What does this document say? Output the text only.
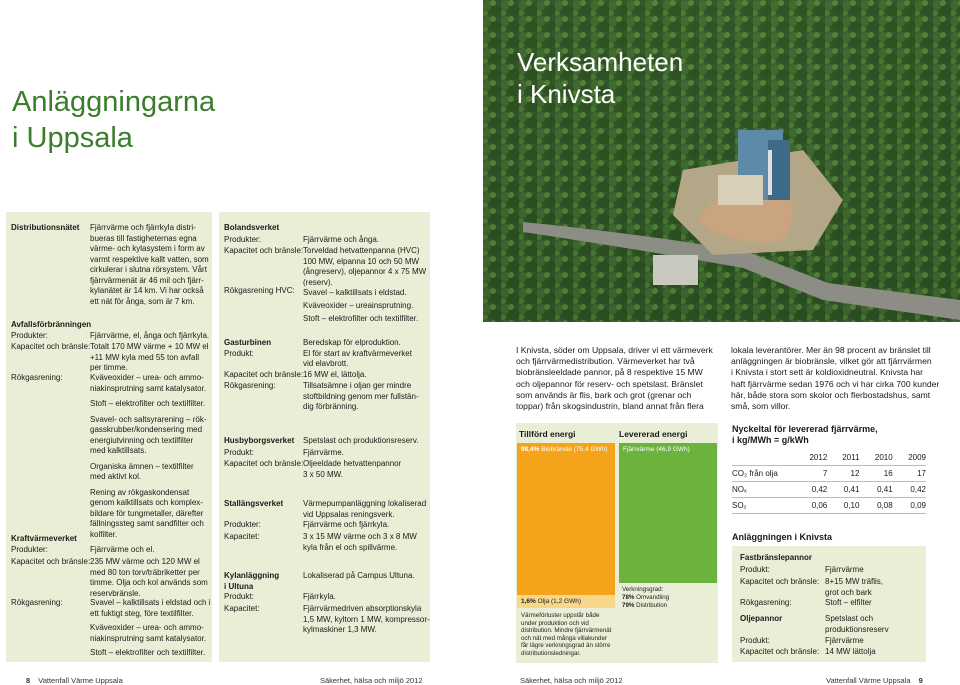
Anläggningarna
i Uppsala
Distributionsnätet Fjärrvärme och fjärrkyla distri-
bueras till fastigheternas egna
värme- och kylasystem i form av
varmt respektive kallt vatten, som
cirkulerar i slutna rörsystem. Vårt
fjärrvärmenät är 46 mil och fjärr-
kylanätet är 14 km. Vi har också
ett nät för ånga, som är 7 km.
Avfallsförbränningen
Produkter:	Fjärrvärme, el, ånga och fjärrkyla.
Kapacitet och bränsle: Totalt 170 MW värme + 10 MW el
+11 MW kyla med 55 ton avfall
per timme.
Rökgasrening:	Kväveoxider – urea- och ammo-
niakinsprutning samt katalysator.
Stoft – elektrofilter och textilfilter.
Svavel- och saltsyrarening – rök-
gasskrubber/kondensering med
energiutvinning och textilfilter
med kalktillsats.
Organiska ämnen – textilfilter
med aktivt kol.
Rening av rökgaskondensat
genom kalktillsats och komplex-
bildare för tungmetaller, därefter
fällningssteg samt sandfilter och
kolfilter.
Kraftvärmeverket
Produkter:	Fjärrvärme och el.
Kapacitet och bränsle: 235 MW värme och 120 MW el
med 80 ton torv/träbriketter per
timme. Olja och kol används som
reservbränsle.
Rökgasrening:	Svavel – kalktillsats i eldstad och i
ett fuktigt steg, före textilfilter.
Kväveoxider – urea- och ammo-
niakinsprutning samt katalysator.
Stoft – elektrofilter och textilfilter.
Bolandsverket
Produkter:	Fjärrvärme och ånga.
Kapacitet och bränsle: Torveldad hetvattenpanna (HVC)
100 MW, elpanna 10 och 50 MW
(ångreserv), oljepannor 4 x 75 MW
(reserv).
Rökgasrening HVC: Svavel – kalktillsats i eldstad.
Kväveoxider – ureainsprutning.
Stoft – elektrofilter och textilfilter.
Gasturbinen
Produkt:
Beredskap för elproduktion.
El för start av kraftvärmeverket
vid elavbrott.
Kapacitet och bränsle: 16 MW el, lättolja.
Rökgasrening:	Tillsatsämne i oljan ger mindre
stoftbildning genom mer fullstän-
dig förbränning.
Husbyborgsverket Spetslast och produktionsreserv.
Produkt:	Fjärrvärme.
Kapacitet och bränsle: Oljeeldade hetvattenpannor
3 x 50 MW.
Stallängsverket Värmepumpanläggning lokaliserad
vid Uppsalas reningsverk.
Produkter:	Fjärrvärme och fjärrkyla.
Kapacitet:	3 x 15 MW värme och 3 x 8 MW
kyla från el och spillvärme.
Kylanläggning
i Ultuna
Lokaliserad på Campus Ultuna.
Produkt:	Fjärrkyla.
Kapacitet:	Fjärrvärmedriven absorptionskyla
1,5 MW, kyltorn 1 MW, kompressor-
kylmaskiner 1,3 MW.
Verksamheten
i Knivsta
I Knivsta, söder om Uppsala, driver vi ett värmeverk
och fjärrvärmedistribution. Värmeverket har två
biobränsleeldade pannor, på 8 respektive 15 MW
och oljepannor för reserv- och spetslast. Bränslet
som används är flis, bark och grot (grenar och
toppar) från skogsindustrin, bland annat från flera
lokala leverantörer. Mer än 98 procent av bränslet till
anläggningen är biobränsle, vilket gör att fjärrvärmen
i Knivsta i stort sett är koldioxidneutral. Knivsta har
haft fjärrvärme sedan 1976 och vi har cirka 700 kunder
här, både stora som skolor och flerbostadshus, samt
små, som villor.
Tillförd energi	Levererad energi
98,4% Biobränsle (75,4 GWh)
1,6% Olja (1,2 GWh)
Fjärrvärme (46,9 GWh)
Verkningsgrad:
78% Omvandling
79% Distribution
Värmeförluster uppstår både
under produktion och vid
distribution. Mindre fjärrvärmenät
och nät med många villakunder
får lägre verkningsgrad än större
distributionsledningar.
Nyckeltal för levererad fjärrvärme,
i kg/MWh = g/kWh
	2012	2011	2010	2009
CO₂ från olja	7	12	16	17
NOₓ	0,42	0,41	0,41	0,42
SO₂	0,06	0,10	0,08	0,09
Anläggningen i Knivsta
Fastbränslepannor
Produkt:	Fjärrvärme
Kapacitet och bränsle: 8+15 MW träflis,
grot och bark
Rökgasrening:	Stoft – elfilter
Oljepannor	Spetslast och
produktionsreserv
Produkt:	Fjärrvärme
Kapacitet och bränsle: 14 MW lättolja
8 Vattenfall Värme Uppsala	Säkerhet, hälsa och miljö 2012	Säkerhet, hälsa och miljö 2012	Vattenfall Värme Uppsala 9
